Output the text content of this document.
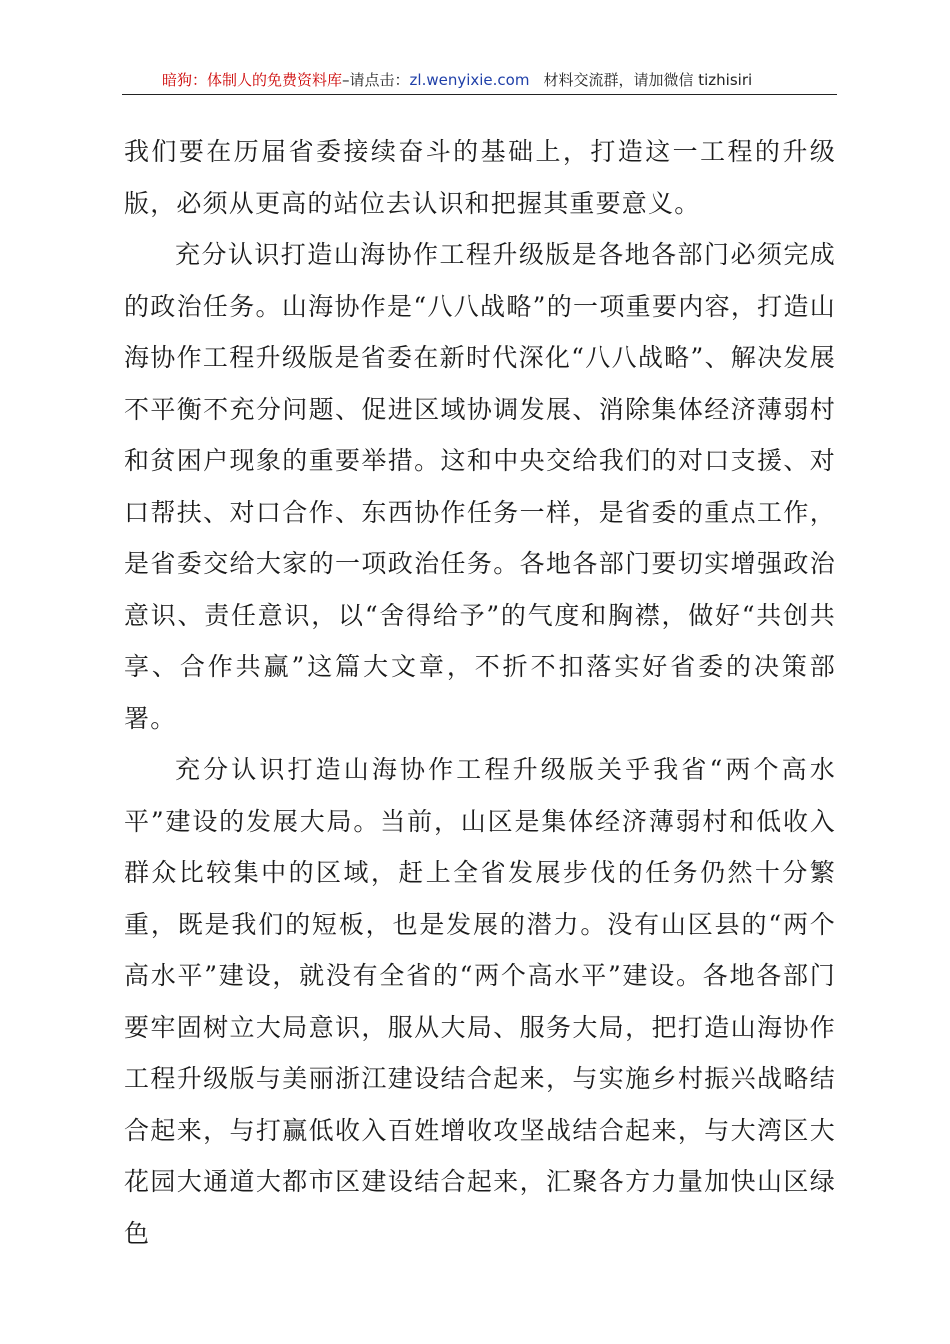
暗狗：体制人的免费资料库–请点击：zl.wenyixie.com 材料交流群，请加微信 tizhisiri

我们要在历届省委接续奋斗的基础上，打造这一工程的升级版，必须从更高的站位去认识和把握其重要意义。

充分认识打造山海协作工程升级版是各地各部门必须完成的政治任务。山海协作是“八八战略”的一项重要内容，打造山海协作工程升级版是省委在新时代深化“八八战略”、解决发展不平衡不充分问题、促进区域协调发展、消除集体经济薄弱村和贫困户现象的重要举措。这和中央交给我们的对口支援、对口帮扶、对口合作、东西协作任务一样，是省委的重点工作，是省委交给大家的一项政治任务。各地各部门要切实增强政治意识、责任意识，以“舍得给予”的气度和胸襟，做好“共创共享、合作共赢”这篇大文章，不折不扣落实好省委的决策部署。

充分认识打造山海协作工程升级版关乎我省“两个高水平”建设的发展大局。当前，山区是集体经济薄弱村和低收入群众比较集中的区域，赶上全省发展步伐的任务仍然十分繁重，既是我们的短板，也是发展的潜力。没有山区县的“两个高水平”建设，就没有全省的“两个高水平”建设。各地各部门要牢固树立大局意识，服从大局、服务大局，把打造山海协作工程升级版与美丽浙江建设结合起来，与实施乡村振兴战略结合起来，与打赢低收入百姓增收攻坚战结合起来，与大湾区大花园大通道大都市区建设结合起来，汇聚各方力量加快山区绿色
